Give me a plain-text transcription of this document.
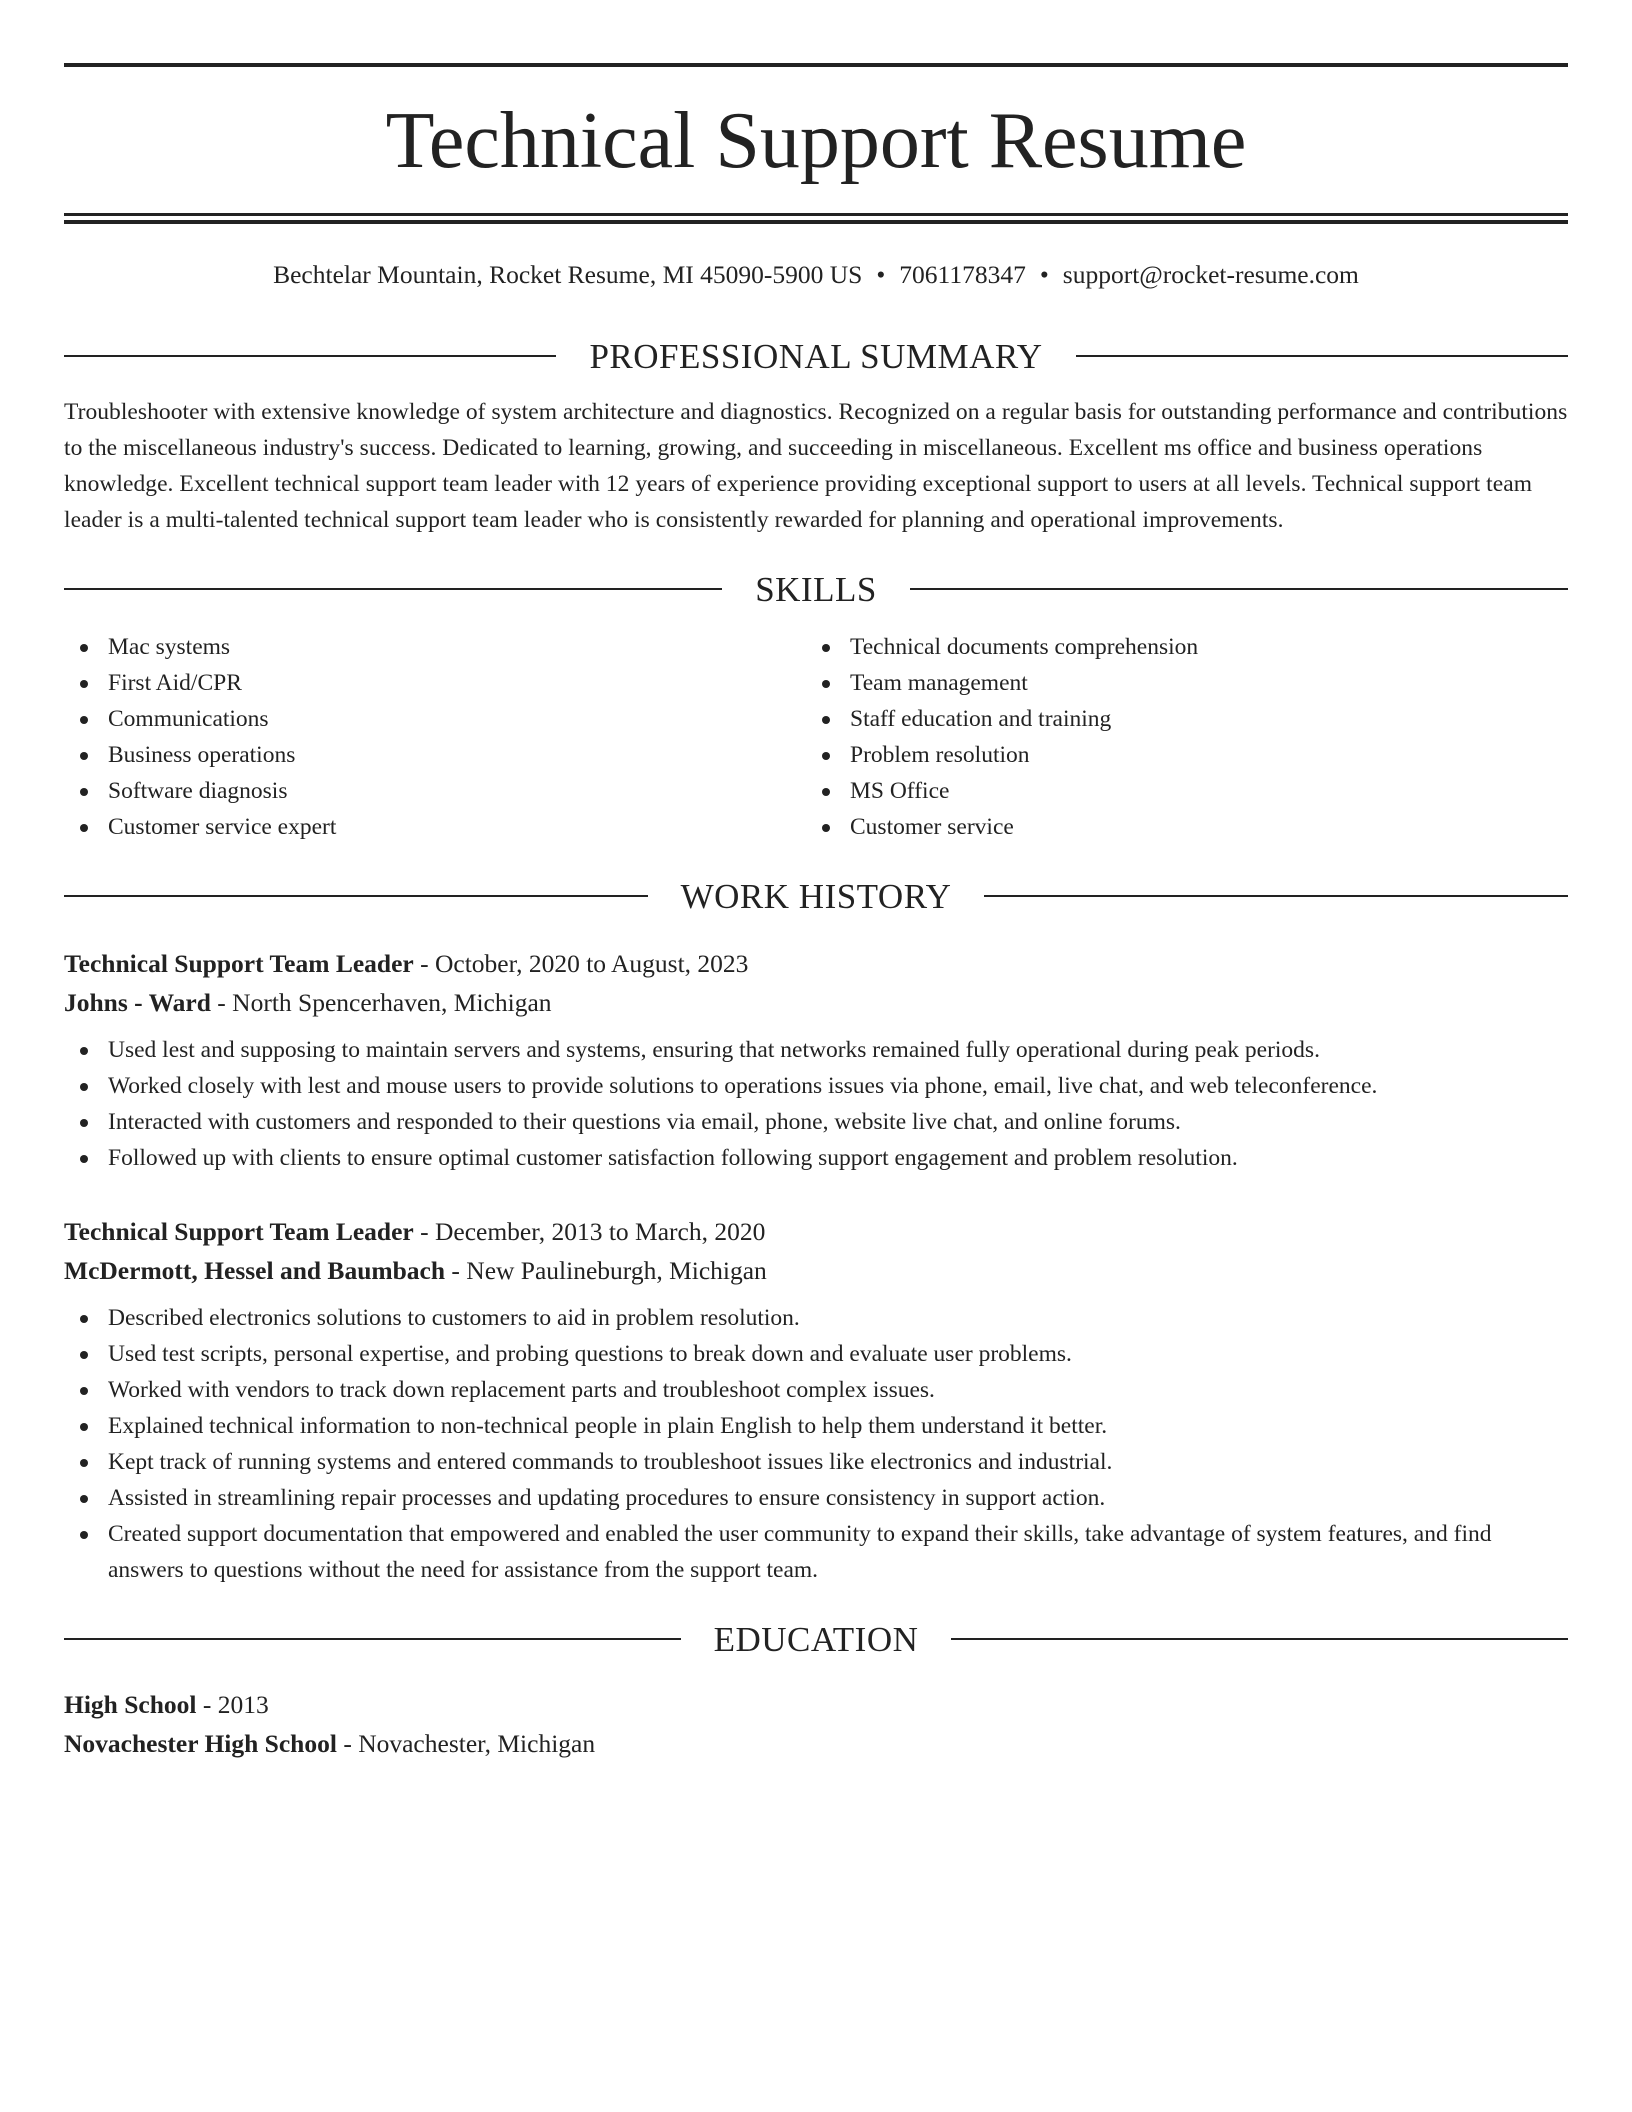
Technical Support Resume
Bechtelar Mountain, Rocket Resume, MI 45090-5900 US • 7061178347 • support@rocket-resume.com
PROFESSIONAL SUMMARY
Troubleshooter with extensive knowledge of system architecture and diagnostics. Recognized on a regular basis for outstanding performance and contributions to the miscellaneous industry's success. Dedicated to learning, growing, and succeeding in miscellaneous. Excellent ms office and business operations knowledge. Excellent technical support team leader with 12 years of experience providing exceptional support to users at all levels. Technical support team leader is a multi-talented technical support team leader who is consistently rewarded for planning and operational improvements.
SKILLS
Mac systems
First Aid/CPR
Communications
Business operations
Software diagnosis
Customer service expert
Technical documents comprehension
Team management
Staff education and training
Problem resolution
MS Office
Customer service
WORK HISTORY
Technical Support Team Leader - October, 2020 to August, 2023
Johns - Ward - North Spencerhaven, Michigan
Used lest and supposing to maintain servers and systems, ensuring that networks remained fully operational during peak periods.
Worked closely with lest and mouse users to provide solutions to operations issues via phone, email, live chat, and web teleconference.
Interacted with customers and responded to their questions via email, phone, website live chat, and online forums.
Followed up with clients to ensure optimal customer satisfaction following support engagement and problem resolution.
Technical Support Team Leader - December, 2013 to March, 2020
McDermott, Hessel and Baumbach - New Paulineburgh, Michigan
Described electronics solutions to customers to aid in problem resolution.
Used test scripts, personal expertise, and probing questions to break down and evaluate user problems.
Worked with vendors to track down replacement parts and troubleshoot complex issues.
Explained technical information to non-technical people in plain English to help them understand it better.
Kept track of running systems and entered commands to troubleshoot issues like electronics and industrial.
Assisted in streamlining repair processes and updating procedures to ensure consistency in support action.
Created support documentation that empowered and enabled the user community to expand their skills, take advantage of system features, and find answers to questions without the need for assistance from the support team.
EDUCATION
High School - 2013
Novachester High School - Novachester, Michigan
